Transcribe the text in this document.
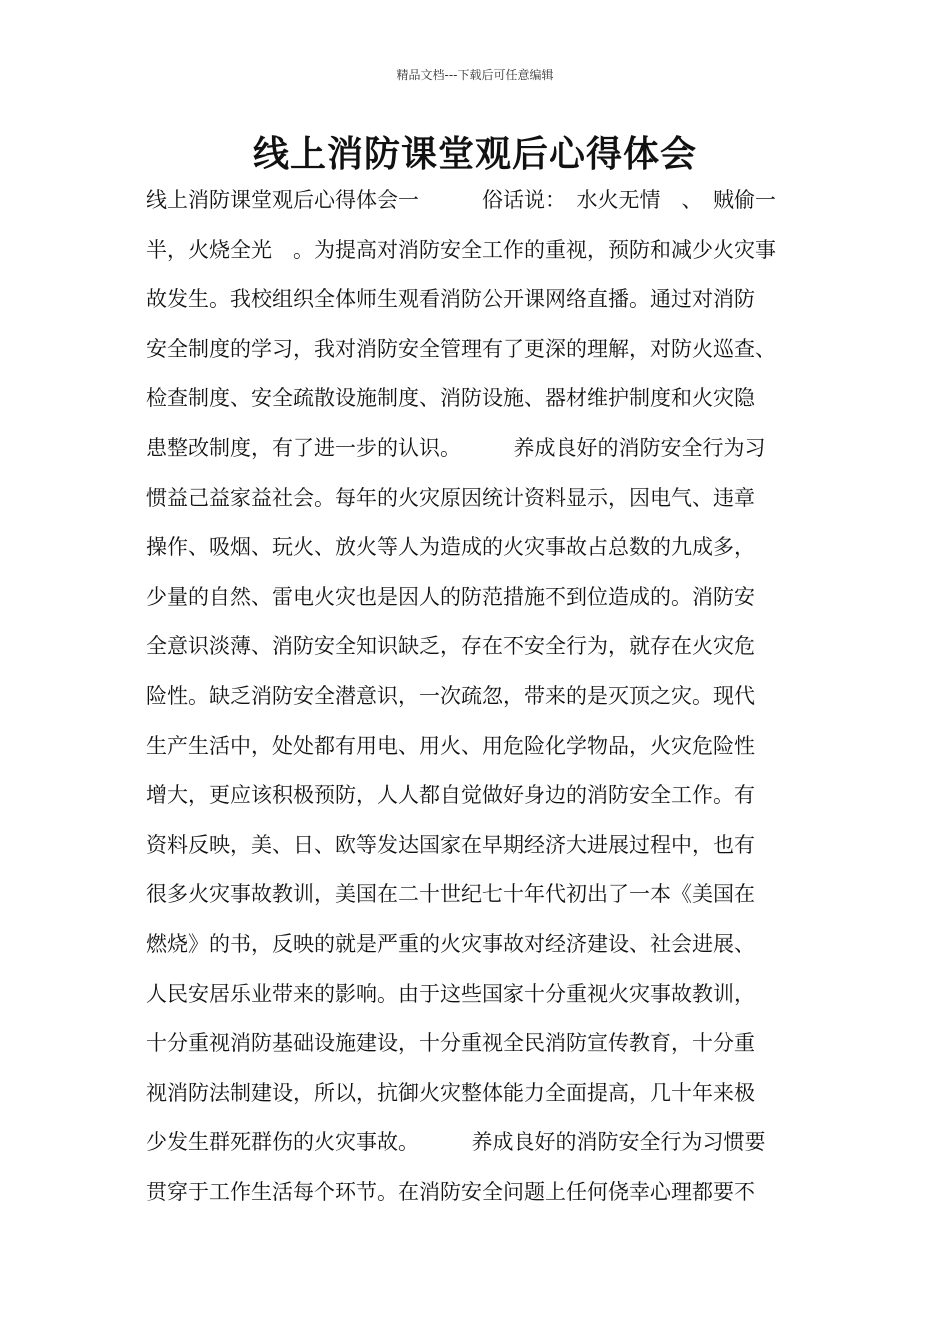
精品文档---下载后可任意编辑
线上消防课堂观后心得体会
线上消防课堂观后心得体会一　　　俗话说：　水火无情　、　贼偷一
半，火烧全光　。为提高对消防安全工作的重视，预防和减少火灾事
故发生。我校组织全体师生观看消防公开课网络直播。通过对消防
安全制度的学习，我对消防安全管理有了更深的理解，对防火巡查、
检查制度、安全疏散设施制度、消防设施、器材维护制度和火灾隐
患整改制度，有了进一步的认识。　　　养成良好的消防安全行为习
惯益己益家益社会。每年的火灾原因统计资料显示，因电气、违章
操作、吸烟、玩火、放火等人为造成的火灾事故占总数的九成多，
少量的自然、雷电火灾也是因人的防范措施不到位造成的。消防安
全意识淡薄、消防安全知识缺乏，存在不安全行为，就存在火灾危
险性。缺乏消防安全潜意识，一次疏忽，带来的是灭顶之灾。现代
生产生活中，处处都有用电、用火、用危险化学物品，火灾危险性
增大，更应该积极预防，人人都自觉做好身边的消防安全工作。有
资料反映，美、日、欧等发达国家在早期经济大进展过程中，也有
很多火灾事故教训，美国在二十世纪七十年代初出了一本《美国在
燃烧》的书，反映的就是严重的火灾事故对经济建设、社会进展、
人民安居乐业带来的影响。由于这些国家十分重视火灾事故教训，
十分重视消防基础设施建设，十分重视全民消防宣传教育，十分重
视消防法制建设，所以，抗御火灾整体能力全面提高，几十年来极
少发生群死群伤的火灾事故。　　　养成良好的消防安全行为习惯要
贯穿于工作生活每个环节。在消防安全问题上任何侥幸心理都要不
